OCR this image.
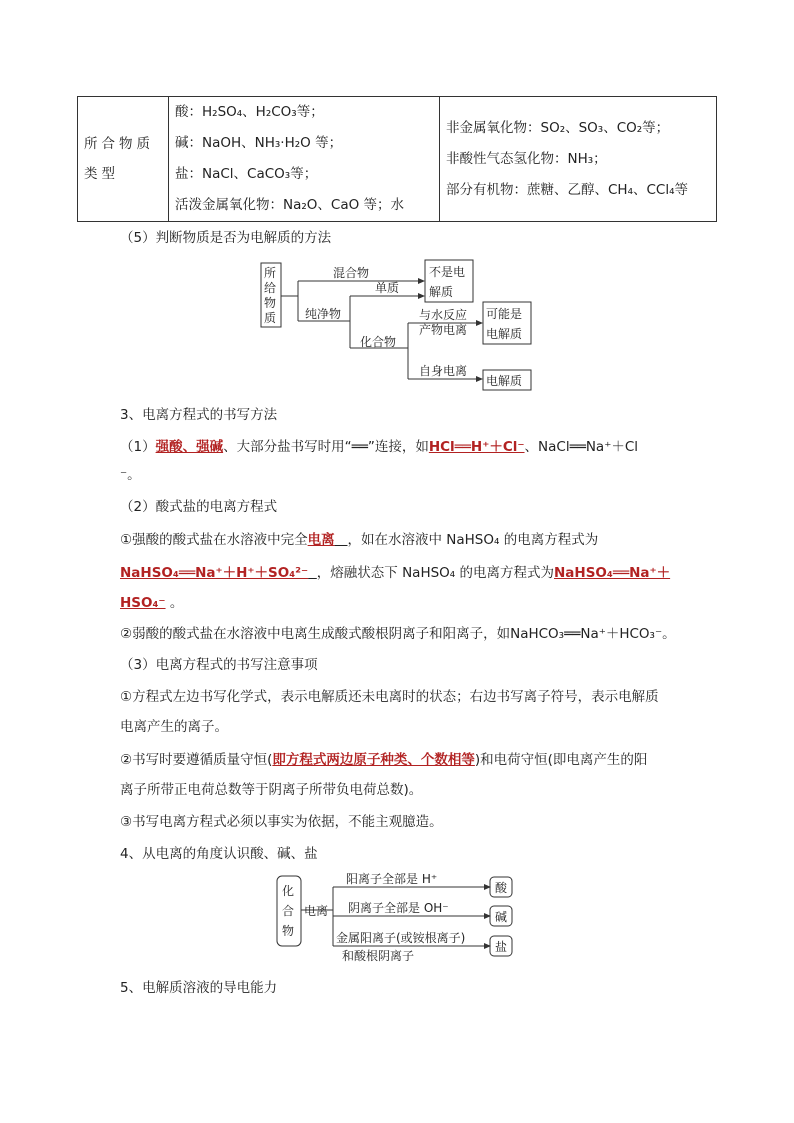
所合物质类型

酸：H₂SO₄、H₂CO₃等；
碱：NaOH、NH₃·H₂O 等；
盐：NaCl、CaCO₃等；
活泼金属氧化物：Na₂O、CaO 等；水

非金属氧化物：SO₂、SO₃、CO₂等；
非酸性气态氢化物：NH₃；
部分有机物：蔗糖、乙醇、CH₄、CCl₄等
（5）判断物质是否为电解质的方法
所
给
物
质
混合物
单质
纯净物
化合物
与水反应
产物电离
自身电离
不是电
解质
可能是
电解质
电解质
3、电离方程式的书写方法
（1）强酸、强碱、大部分盐书写时用“══”连接，如HCl══H⁺＋Cl⁻、NaCl══Na⁺＋Cl
⁻。
（2）酸式盐的电离方程式
①强酸的酸式盐在水溶液中完全电离 ，如在水溶液中 NaHSO₄ 的电离方程式为
NaHSO₄══Na⁺＋H⁺＋SO₄²⁻ ，熔融状态下 NaHSO₄ 的电离方程式为NaHSO₄══Na⁺＋
HSO₄⁻ 。
②弱酸的酸式盐在水溶液中电离生成酸式酸根阴离子和阳离子，如NaHCO₃══Na⁺＋HCO₃⁻。
（3）电离方程式的书写注意事项
①方程式左边书写化学式，表示电解质还未电离时的状态；右边书写离子符号，表示电解质
电离产生的离子。
②书写时要遵循质量守恒(即方程式两边原子种类、个数相等)和电荷守恒(即电离产生的阳
离子所带正电荷总数等于阴离子所带负电荷总数)。
③书写电离方程式必须以事实为依据，不能主观臆造。
4、从电离的角度认识酸、碱、盐
化
合
物
电离
阳离子全部是 H⁺
阴离子全部是 OH⁻
金属阳离子(或铵根离子)
和酸根阴离子
酸
碱
盐
5、电解质溶液的导电能力
